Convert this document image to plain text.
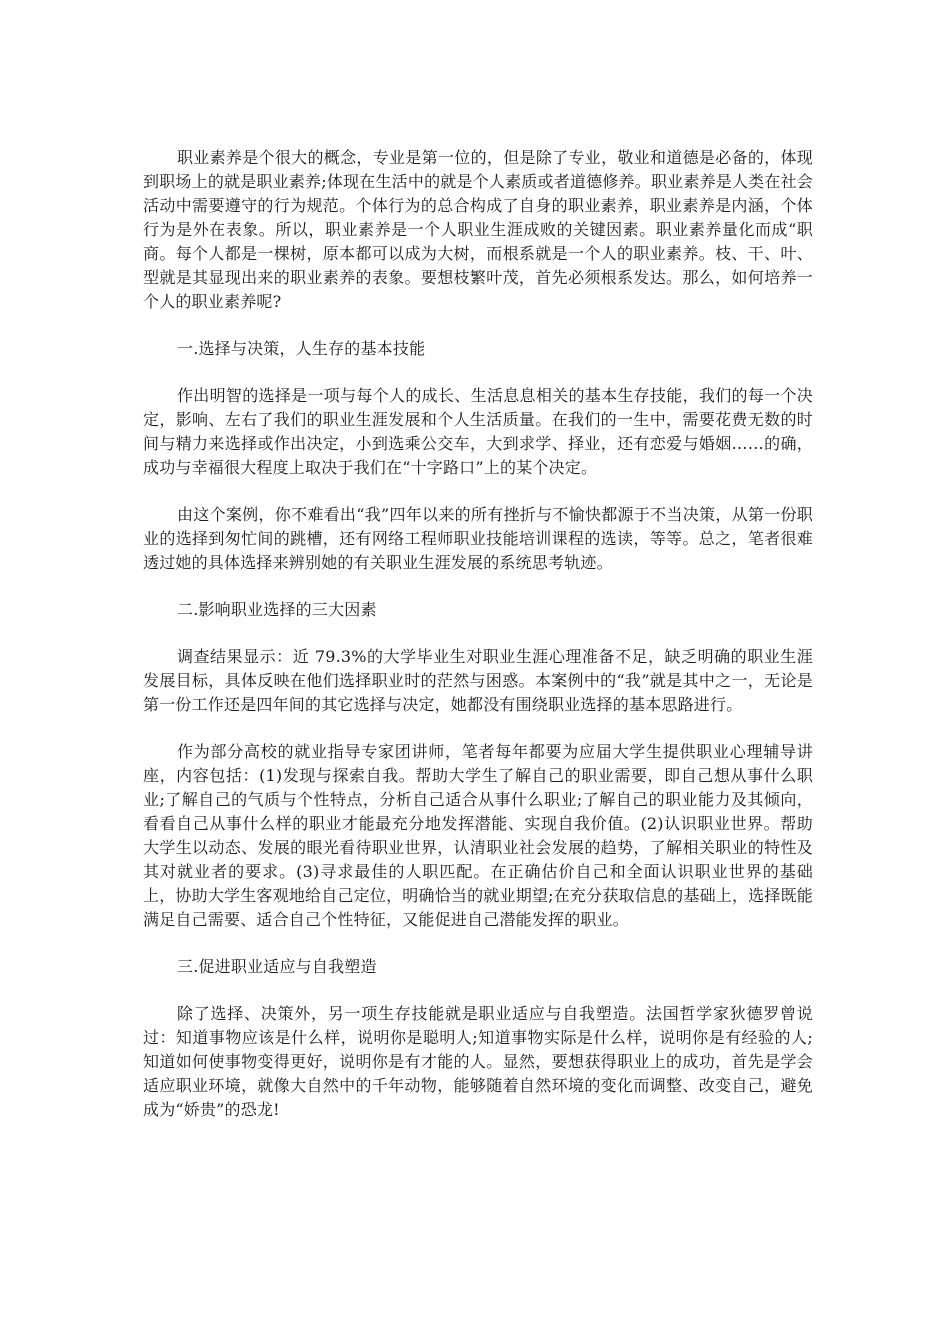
职业素养是个很大的概念，专业是第一位的，但是除了专业，敬业和道德是必备的，体现到职场上的就是职业素养;体现在生活中的就是个人素质或者道德修养。职业素养是人类在社会活动中需要遵守的行为规范。个体行为的总合构成了自身的职业素养，职业素养是内涵，个体行为是外在表象。所以，职业素养是一个人职业生涯成败的关键因素。职业素养量化而成“职商。每个人都是一棵树，原本都可以成为大树，而根系就是一个人的职业素养。枝、干、叶、型就是其显现出来的职业素养的表象。要想枝繁叶茂，首先必须根系发达。那么，如何培养一个人的职业素养呢?

一.选择与决策，人生存的基本技能

作出明智的选择是一项与每个人的成长、生活息息相关的基本生存技能，我们的每一个决定，影响、左右了我们的职业生涯发展和个人生活质量。在我们的一生中，需要花费无数的时间与精力来选择或作出决定，小到选乘公交车，大到求学、择业，还有恋爱与婚姻……的确，成功与幸福很大程度上取决于我们在“十字路口”上的某个决定。

由这个案例，你不难看出“我”四年以来的所有挫折与不愉快都源于不当决策，从第一份职业的选择到匆忙间的跳槽，还有网络工程师职业技能培训课程的选读，等等。总之，笔者很难透过她的具体选择来辨别她的有关职业生涯发展的系统思考轨迹。

二.影响职业选择的三大因素

调查结果显示：近 79.3%的大学毕业生对职业生涯心理准备不足，缺乏明确的职业生涯发展目标，具体反映在他们选择职业时的茫然与困惑。本案例中的“我”就是其中之一，无论是第一份工作还是四年间的其它选择与决定，她都没有围绕职业选择的基本思路进行。

作为部分高校的就业指导专家团讲师，笔者每年都要为应届大学生提供职业心理辅导讲座，内容包括：(1)发现与探索自我。帮助大学生了解自己的职业需要，即自己想从事什么职业;了解自己的气质与个性特点，分析自己适合从事什么职业;了解自己的职业能力及其倾向，看看自己从事什么样的职业才能最充分地发挥潜能、实现自我价值。(2)认识职业世界。帮助大学生以动态、发展的眼光看待职业世界，认清职业社会发展的趋势，了解相关职业的特性及其对就业者的要求。(3)寻求最佳的人职匹配。在正确估价自己和全面认识职业世界的基础上，协助大学生客观地给自己定位，明确恰当的就业期望;在充分获取信息的基础上，选择既能满足自己需要、适合自己个性特征，又能促进自己潜能发挥的职业。

三.促进职业适应与自我塑造

除了选择、决策外，另一项生存技能就是职业适应与自我塑造。法国哲学家狄德罗曾说过：知道事物应该是什么样，说明你是聪明人;知道事物实际是什么样，说明你是有经验的人;知道如何使事物变得更好，说明你是有才能的人。显然，要想获得职业上的成功，首先是学会适应职业环境，就像大自然中的千年动物，能够随着自然环境的变化而调整、改变自己，避免成为“娇贵”的恐龙!
